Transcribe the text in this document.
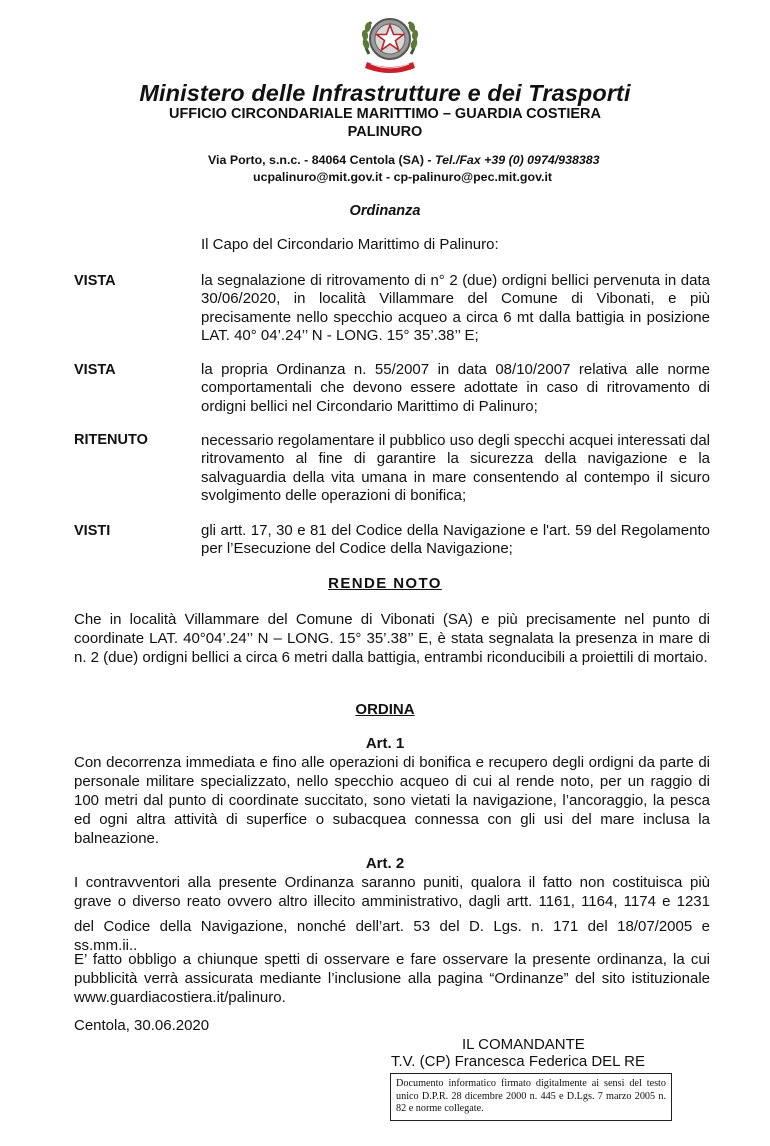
Ministero delle Infrastrutture e dei Trasporti
UFFICIO CIRCONDARIALE MARITTIMO – GUARDIA COSTIERA
PALINURO
Via Porto, s.n.c. - 84064 Centola (SA) - Tel./Fax +39 (0) 0974/938383
ucpalinuro@mit.gov.it - cp-palinuro@pec.mit.gov.it
Ordinanza
Il Capo del Circondario Marittimo di Palinuro:
VISTA	la segnalazione di ritrovamento di n° 2 (due) ordigni bellici pervenuta in data 30/06/2020, in località Villammare del Comune di Vibonati, e più precisamente nello specchio acqueo a circa 6 mt dalla battigia in posizione LAT. 40° 04’.24’’ N - LONG. 15° 35’.38’’ E;
VISTA	la propria Ordinanza n. 55/2007 in data 08/10/2007 relativa alle norme comportamentali che devono essere adottate in caso di ritrovamento di ordigni bellici nel Circondario Marittimo di Palinuro;
RITENUTO	necessario regolamentare il pubblico uso degli specchi acquei interessati dal ritrovamento al fine di garantire la sicurezza della navigazione e la salvaguardia della vita umana in mare consentendo al contempo il sicuro svolgimento delle operazioni di bonifica;
VISTI	gli artt. 17, 30 e 81 del Codice della Navigazione e l'art. 59 del Regolamento per l’Esecuzione del Codice della Navigazione;
RENDE NOTO
Che in località Villammare del Comune di Vibonati (SA) e più precisamente nel punto di coordinate LAT. 40°04’.24’’ N – LONG. 15° 35’.38’’ E, è stata segnalata la presenza in mare di n. 2 (due) ordigni bellici a circa 6 metri dalla battigia, entrambi riconducibili a proiettili di mortaio.
ORDINA
Art. 1
Con decorrenza immediata e fino alle operazioni di bonifica e recupero degli ordigni da parte di personale militare specializzato, nello specchio acqueo di cui al rende noto, per un raggio di 100 metri dal punto di coordinate succitato, sono vietati la navigazione, l’ancoraggio, la pesca ed ogni altra attività di superfice o subacquea connessa con gli usi del mare inclusa la balneazione.
Art. 2
I contravventori alla presente Ordinanza saranno puniti, qualora il fatto non costituisca più
grave o diverso reato ovvero altro illecito amministrativo, dagli artt. 1161, 1164, 1174 e 1231
del Codice della Navigazione, nonché dell’art. 53 del D. Lgs. n. 171 del 18/07/2005 e
ss.mm.ii..
E’ fatto obbligo a chiunque spetti di osservare e fare osservare la presente ordinanza, la cui pubblicità verrà assicurata mediante l’inclusione alla pagina “Ordinanze” del sito istituzionale www.guardiacostiera.it/palinuro.
Centola, 30.06.2020
IL COMANDANTE
T.V. (CP) Francesca Federica DEL RE
Documento informatico firmato digitalmente ai sensi del testo unico D.P.R. 28 dicembre 2000 n. 445 e D.Lgs. 7 marzo 2005 n. 82 e norme collegate.
